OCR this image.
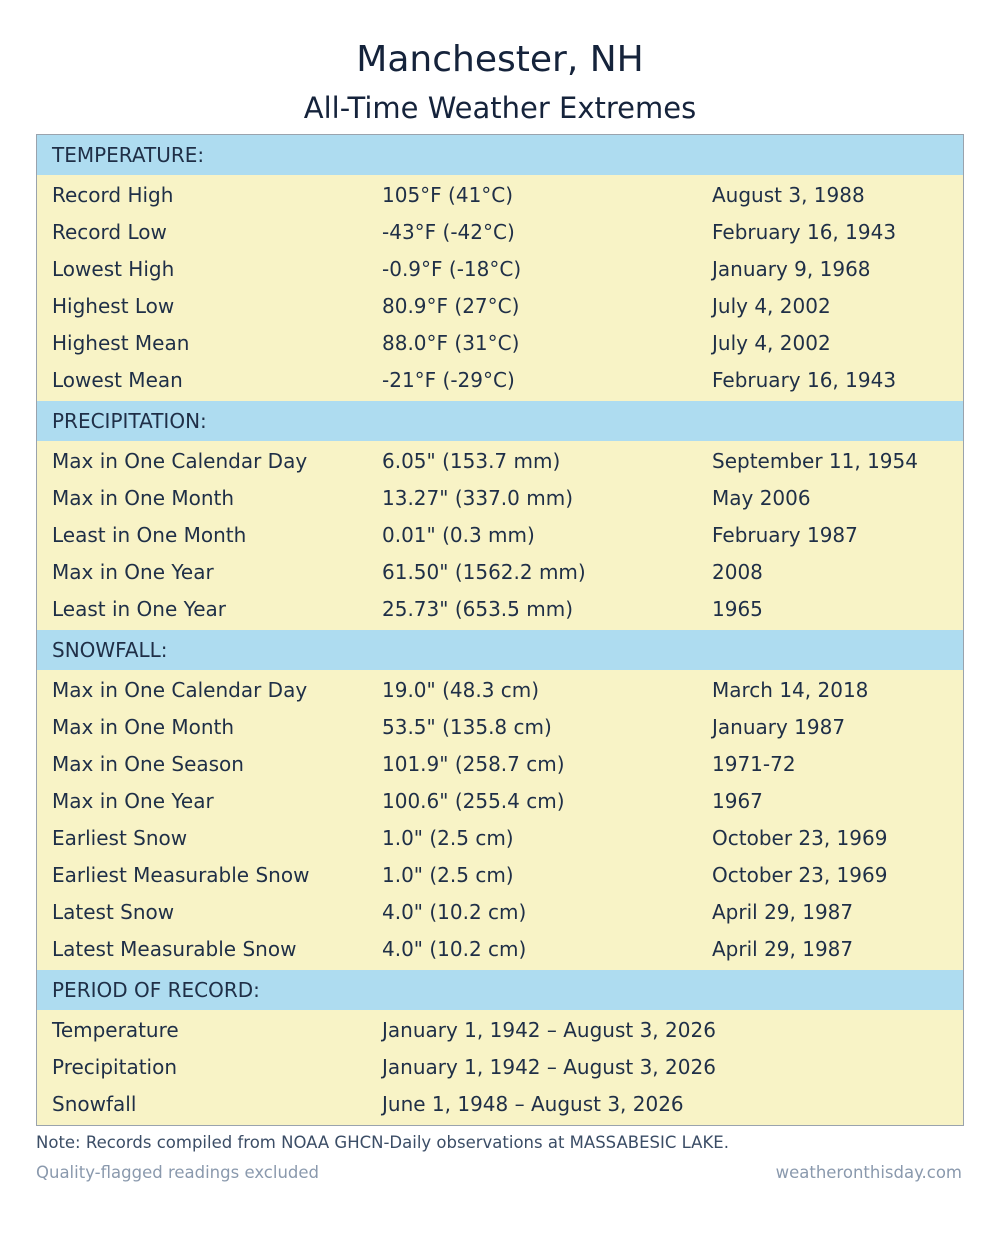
Manchester, NH
All-Time Weather Extremes
TEMPERATURE:
Record High	105°F (41°C)	August 3, 1988
Record Low	-43°F (-42°C)	February 16, 1943
Lowest High	-0.9°F (-18°C)	January 9, 1968
Highest Low	80.9°F (27°C)	July 4, 2002
Highest Mean	88.0°F (31°C)	July 4, 2002
Lowest Mean	-21°F (-29°C)	February 16, 1943
PRECIPITATION:
Max in One Calendar Day	6.05" (153.7 mm)	September 11, 1954
Max in One Month	13.27" (337.0 mm)	May 2006
Least in One Month	0.01" (0.3 mm)	February 1987
Max in One Year	61.50" (1562.2 mm)	2008
Least in One Year	25.73" (653.5 mm)	1965
SNOWFALL:
Max in One Calendar Day	19.0" (48.3 cm)	March 14, 2018
Max in One Month	53.5" (135.8 cm)	January 1987
Max in One Season	101.9" (258.7 cm)	1971-72
Max in One Year	100.6" (255.4 cm)	1967
Earliest Snow	1.0" (2.5 cm)	October 23, 1969
Earliest Measurable Snow	1.0" (2.5 cm)	October 23, 1969
Latest Snow	4.0" (10.2 cm)	April 29, 1987
Latest Measurable Snow	4.0" (10.2 cm)	April 29, 1987
PERIOD OF RECORD:
Temperature	January 1, 1942 – August 3, 2026
Precipitation	January 1, 1942 – August 3, 2026
Snowfall	June 1, 1948 – August 3, 2026
Note: Records compiled from NOAA GHCN-Daily observations at MASSABESIC LAKE.
Quality-flagged readings excluded	weatheronthisday.com
